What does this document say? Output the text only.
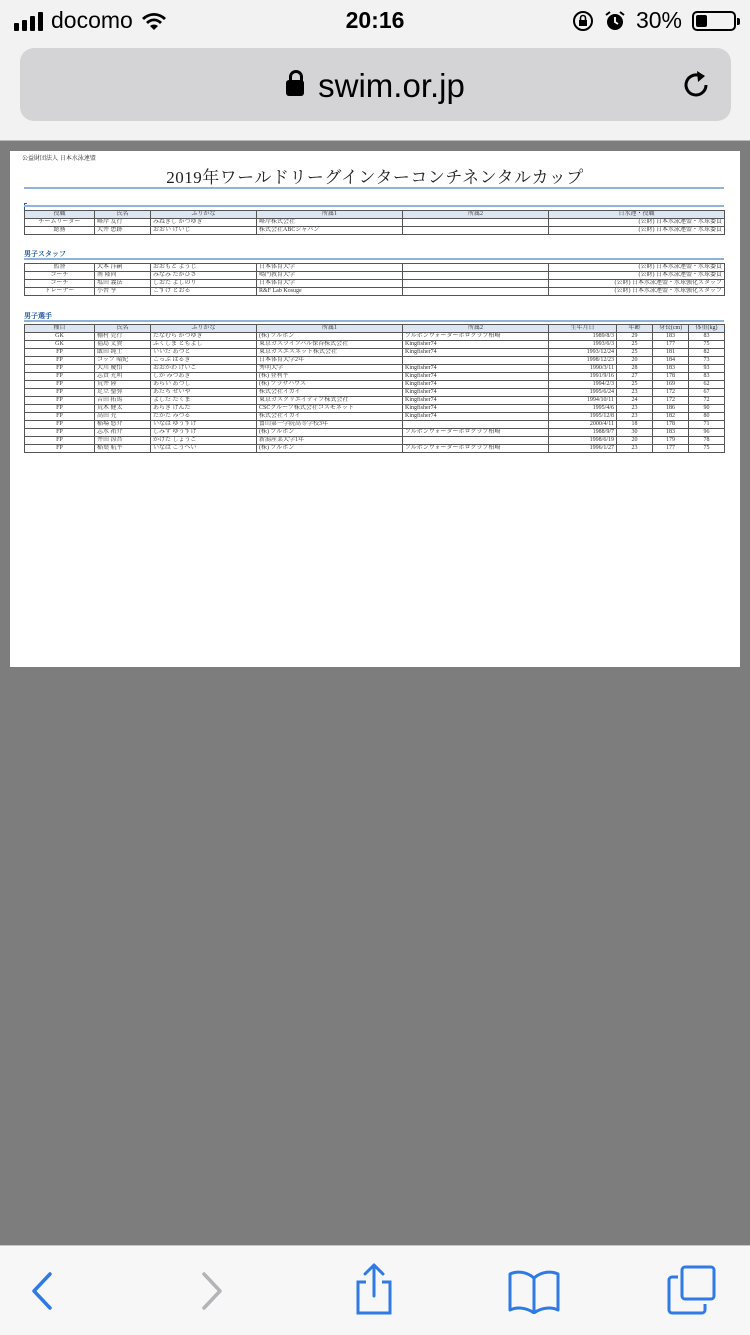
docomo	20:16	30%
swim.or.jp
公益財団法人 日本水泳連盟
2019年ワールドリーグインターコンチネンタルカップ
役職	氏名	ふりがな	所属1	所属2	日水連・役職
チームリーダー	峰岸 友行	みねぎし かつゆき	峰岸株式会社		(公財) 日本水泳連盟・水球委員
総務	大井 恵跡	おおい けいじ	株式会社ABCジャパン		(公財) 日本水泳連盟・水球委員
男子スタッフ
監督	大本 洋嗣	おおもと ようじ	日本体育大学		(公財) 日本水泳連盟・水球委員
コーチ	南 隆尚	みなみ たかひさ	鳴門教育大学		(公財) 日本水泳連盟・水球委員
コーチ	塩田 義法	しおた よしのり	日本体育大学		(公財) 日本水泳連盟・水球強化スタッフ
トレーナー	小習 亨	こすげ とおる	R&F Lab Kosuge		(公財) 日本水泳連盟・水球強化スタッフ
男子選手
種目	氏名	ふりがな	所属1	所属2	生年月日	年齢	身長(cm)	体重(kg)
GK	棚村 克行	たなむら かつゆき	(株) ブルボン	ブルボンウォーターポロクラブ柏崎	1989/8/3	29	183	83
GK	福島 丈貴	ふくしま ともよし	東京ガスライフバル保谷株式会社	Kingfisher74	1993/6/3	25	177	75
FP	飯田 純士	いいだ あつと	東京ガスエスネット株式会社	Kingfisher74	1993/12/24	25	181	82
FP	コップ 晴紀	こっぷ はるき	日本体育大学2年		1998/12/23	20	184	73
FP	大川 慶悟	おおかわ けいご	秀明大学	Kingfisher74	1990/3/11	28	183	93
FP	志賀 光明	しが みつあき	(株) 登利平	Kingfisher74	1991/9/16	27	178	83
FP	荒井 陸	あらい あつし	(株) プラザハウス	Kingfisher74	1994/2/3	25	169	62
FP	足立 聖弥	あだち せいや	株式会社イカイ	Kingfisher74	1995/6/24	23	172	67
FP	吉田 拓馬	よしだ たくま	東京ガスクリエイティブ株式会社	Kingfisher74	1994/10/11	24	172	72
FP	荒木 健太	あらき けんた	CSCグループ株式会社コスモネット	Kingfisher74	1995/4/6	23	186	90
FP	高田 充	たかた みつる	株式会社イカイ	Kingfisher74	1995/12/8	23	182	80
FP	稲場 悠介	いなば ゆうすけ	富山第一学院高等学校3年		2000/4/11	18	178	71
FP	志水 祐介	しみず ゆうすけ	(株) ブルボン	ブルボンウォーターポロクラブ柏崎	1988/9/7	30	183	96
FP	井田 涼吾	かげた しょうご	新潟産業大学1年		1998/6/19	20	179	78
FP	稲葉 航平	いなば こうへい	(株) ブルボン	ブルボンウォーターポロクラブ柏崎	1996/1/27	23	177	75
